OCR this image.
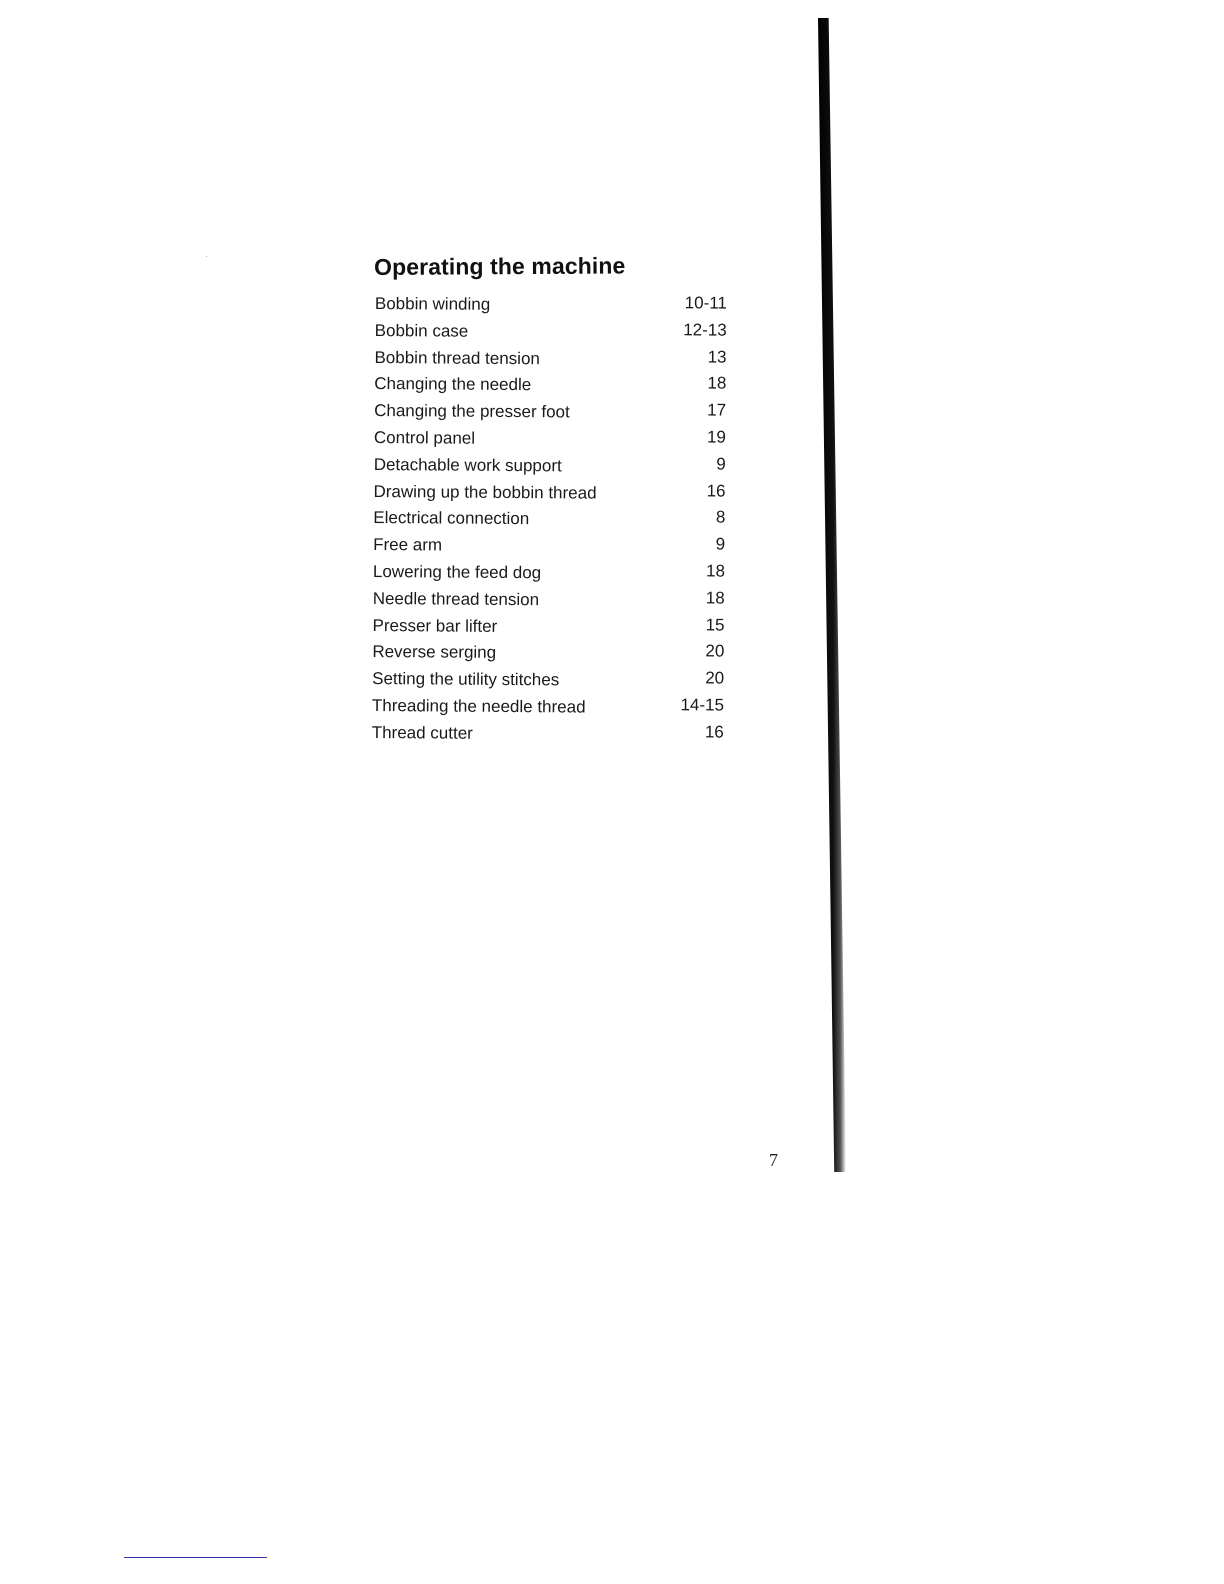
Operating the machine
Bobbin winding	10-11
Bobbin case	12-13
Bobbin thread tension	13
Changing the needle	18
Changing the presser foot	17
Control panel	19
Detachable work support	9
Drawing up the bobbin thread	16
Electrical connection	8
Free arm	9
Lowering the feed dog	18
Needle thread tension	18
Presser bar lifter	15
Reverse serging	20
Setting the utility stitches	20
Threading the needle thread	14-15
Thread cutter	16
7
